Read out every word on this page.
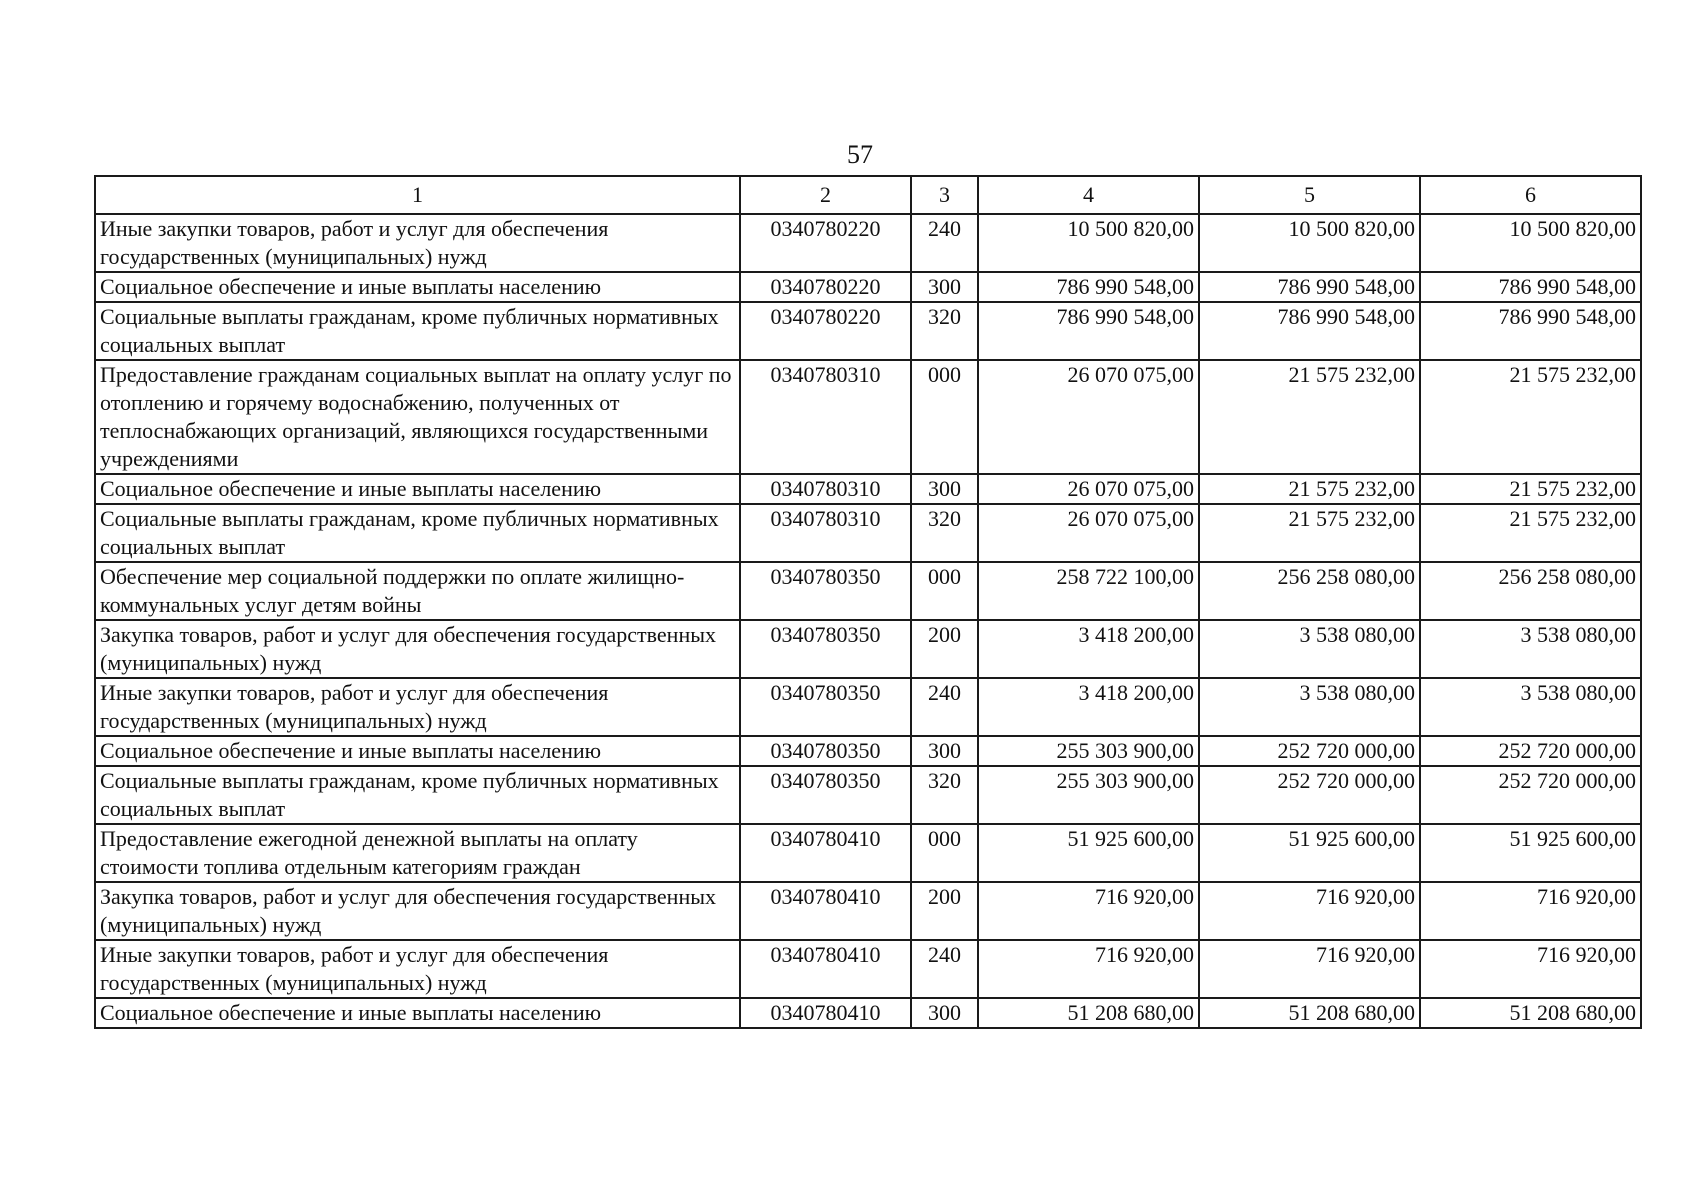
57
1	2	3	4	5	6
Иные закупки товаров, работ и услуг для обеспечения государственных (муниципальных) нужд	0340780220	240	10 500 820,00	10 500 820,00	10 500 820,00
Социальное обеспечение и иные выплаты населению	0340780220	300	786 990 548,00	786 990 548,00	786 990 548,00
Социальные выплаты гражданам, кроме публичных нормативных социальных выплат	0340780220	320	786 990 548,00	786 990 548,00	786 990 548,00
Предоставление гражданам социальных выплат на оплату услуг по отоплению и горячему водоснабжению, полученных от теплоснабжающих организаций, являющихся государственными учреждениями	0340780310	000	26 070 075,00	21 575 232,00	21 575 232,00
Социальное обеспечение и иные выплаты населению	0340780310	300	26 070 075,00	21 575 232,00	21 575 232,00
Социальные выплаты гражданам, кроме публичных нормативных социальных выплат	0340780310	320	26 070 075,00	21 575 232,00	21 575 232,00
Обеспечение мер социальной поддержки по оплате жилищно-коммунальных услуг детям войны	0340780350	000	258 722 100,00	256 258 080,00	256 258 080,00
Закупка товаров, работ и услуг для обеспечения государственных (муниципальных) нужд	0340780350	200	3 418 200,00	3 538 080,00	3 538 080,00
Иные закупки товаров, работ и услуг для обеспечения государственных (муниципальных) нужд	0340780350	240	3 418 200,00	3 538 080,00	3 538 080,00
Социальное обеспечение и иные выплаты населению	0340780350	300	255 303 900,00	252 720 000,00	252 720 000,00
Социальные выплаты гражданам, кроме публичных нормативных социальных выплат	0340780350	320	255 303 900,00	252 720 000,00	252 720 000,00
Предоставление ежегодной денежной выплаты на оплату стоимости топлива отдельным категориям граждан	0340780410	000	51 925 600,00	51 925 600,00	51 925 600,00
Закупка товаров, работ и услуг для обеспечения государственных (муниципальных) нужд	0340780410	200	716 920,00	716 920,00	716 920,00
Иные закупки товаров, работ и услуг для обеспечения государственных (муниципальных) нужд	0340780410	240	716 920,00	716 920,00	716 920,00
Социальное обеспечение и иные выплаты населению	0340780410	300	51 208 680,00	51 208 680,00	51 208 680,00
